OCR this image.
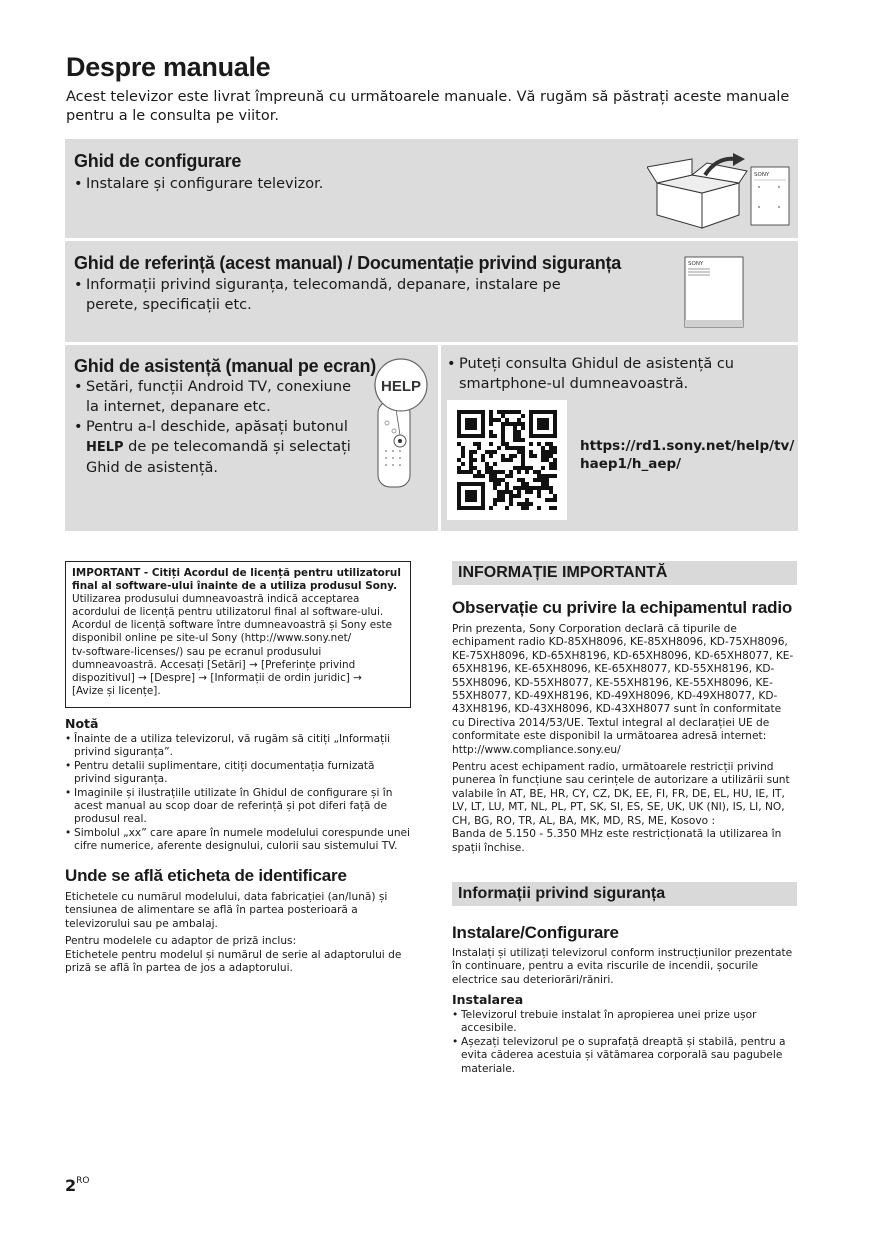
Despre manuale
Acest televizor este livrat împreună cu următoarele manuale. Vă rugăm să păstrați aceste manuale pentru a le consulta pe viitor.
Ghid de configurare
• Instalare și configurare televizor.
SONY
Ghid de referință (acest manual) / Documentație privind siguranța
• Informații privind siguranța, telecomandă, depanare, instalare pe perete, specificații etc.
SONY
Ghid de asistență (manual pe ecran)
• Setări, funcții Android TV, conexiune la internet, depanare etc.
• Pentru a-l deschide, apăsați butonul HELP de pe telecomandă și selectați Ghid de asistență.
HELP
• Puteți consulta Ghidul de asistență cu smartphone-ul dumneavoastră.
https://rd1.sony.net/help/tv/
haep1/h_aep/

IMPORTANT - Citiți Acordul de licență pentru utilizatorul final al software-ului înainte de a utiliza produsul Sony.

Utilizarea produsului dumneavoastră indică acceptarea

acordului de licență pentru utilizatorul final al software-ului.

Acordul de licență software între dumneavoastră și Sony este

disponibil online pe site-ul Sony (http://www.sony.net/

tv-software-licenses/) sau pe ecranul produsului

dumneavoastră. Accesați [Setări] → [Preferințe privind

dispozitivul] → [Despre] → [Informații de ordin juridic] →

[Avize și licențe].

Notă
• Înainte de a utiliza televizorul, vă rugăm să citiți „Informații privind siguranța”.
• Pentru detalii suplimentare, citiți documentația furnizată privind siguranța.
• Imaginile și ilustrațiile utilizate în Ghidul de configurare și în acest manual au scop doar de referință și pot diferi față de produsul real.
• Simbolul „xx” care apare în numele modelului corespunde unei cifre numerice, aferente designului, culorii sau sistemului TV.
Unde se află eticheta de identificare

Etichetele cu numărul modelului, data fabricației (an/lună) și tensiunea de alimentare se află în partea posterioară a televizorului sau pe ambalaj.

Pentru modelele cu adaptor de priză inclus:

Etichetele pentru modelul și numărul de serie al adaptorului de priză se află în partea de jos a adaptorului.

INFORMAȚIE IMPORTANTĂ
Observație cu privire la echipamentul radio

Prin prezenta, Sony Corporation declară că tipurile de echipament radio KD-85XH8096, KE-85XH8096, KD-75XH8096, KE-75XH8096, KD-65XH8196, KD-65XH8096, KD-65XH8077, KE-65XH8196, KE-65XH8096, KE-65XH8077, KD-55XH8196, KD-55XH8096, KD-55XH8077, KE-55XH8196, KE-55XH8096, KE-55XH8077, KD-49XH8196, KD-49XH8096, KD-49XH8077, KD-43XH8196, KD-43XH8096, KD-43XH8077 sunt în conformitate cu Directiva 2014/53/UE. Textul integral al declarației UE de conformitate este disponibil la următoarea adresă internet:

http://www.compliance.sony.eu/

Pentru acest echipament radio, următoarele restricții privind punerea în funcțiune sau cerințele de autorizare a utilizării sunt valabile în AT, BE, HR, CY, CZ, DK, EE, FI, FR, DE, EL, HU, IE, IT, LV, LT, LU, MT, NL, PL, PT, SK, SI, ES, SE, UK, UK (NI), IS, LI, NO, CH, BG, RO, TR, AL, BA, MK, MD, RS, ME, Kosovo :

Banda de 5.150 - 5.350 MHz este restricționată la utilizarea în spații închise.

Informații privind siguranța
Instalare/Configurare
Instalați și utilizați televizorul conform instrucțiunilor prezentate în continuare, pentru a evita riscurile de incendii, șocurile electrice sau deteriorări/răniri.
Instalarea
• Televizorul trebuie instalat în apropierea unei prize ușor accesibile.
• Așezați televizorul pe o suprafață dreaptă și stabilă, pentru a evita căderea acestuia și vătămarea corporală sau pagubele materiale.
$2^{RO}$
